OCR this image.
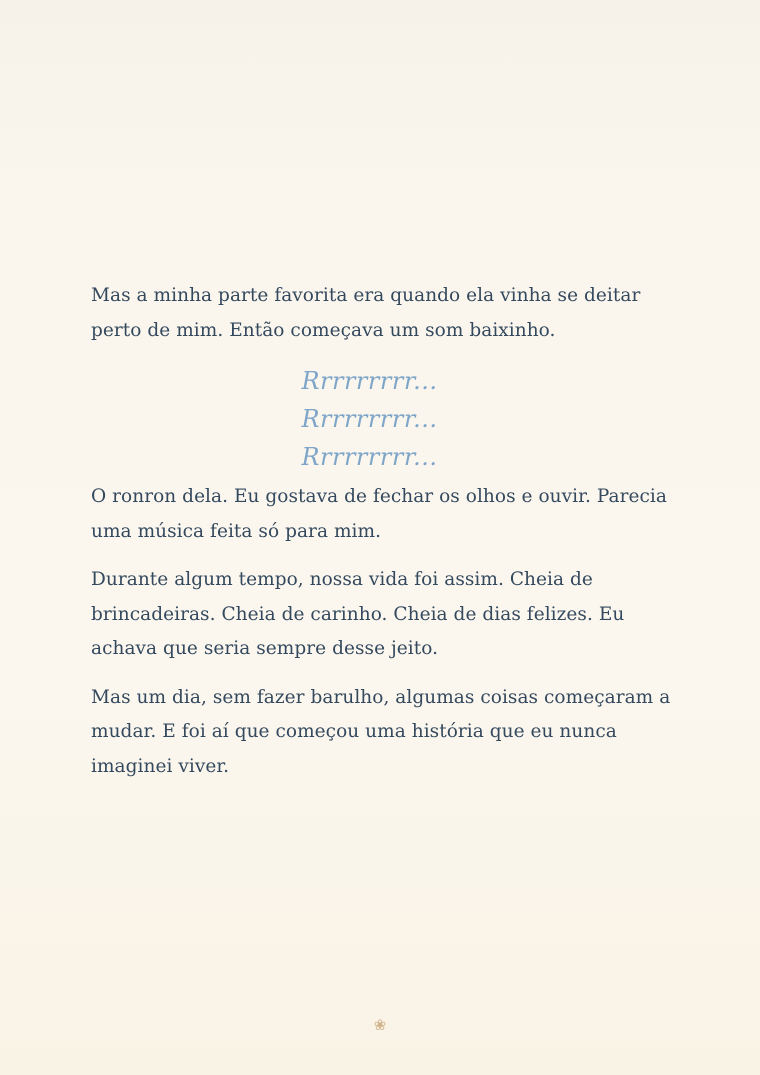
Mas a minha parte favorita era quando ela vinha se deitar perto de mim. Então começava um som baixinho.

Rrrrrrrrr...
Rrrrrrrrr...
Rrrrrrrrr...

O ronron dela. Eu gostava de fechar os olhos e ouvir. Parecia uma música feita só para mim.

Durante algum tempo, nossa vida foi assim. Cheia de brincadeiras. Cheia de carinho. Cheia de dias felizes. Eu achava que seria sempre desse jeito.

Mas um dia, sem fazer barulho, algumas coisas começaram a mudar. E foi aí que começou uma história que eu nunca imaginei viver.

❀
